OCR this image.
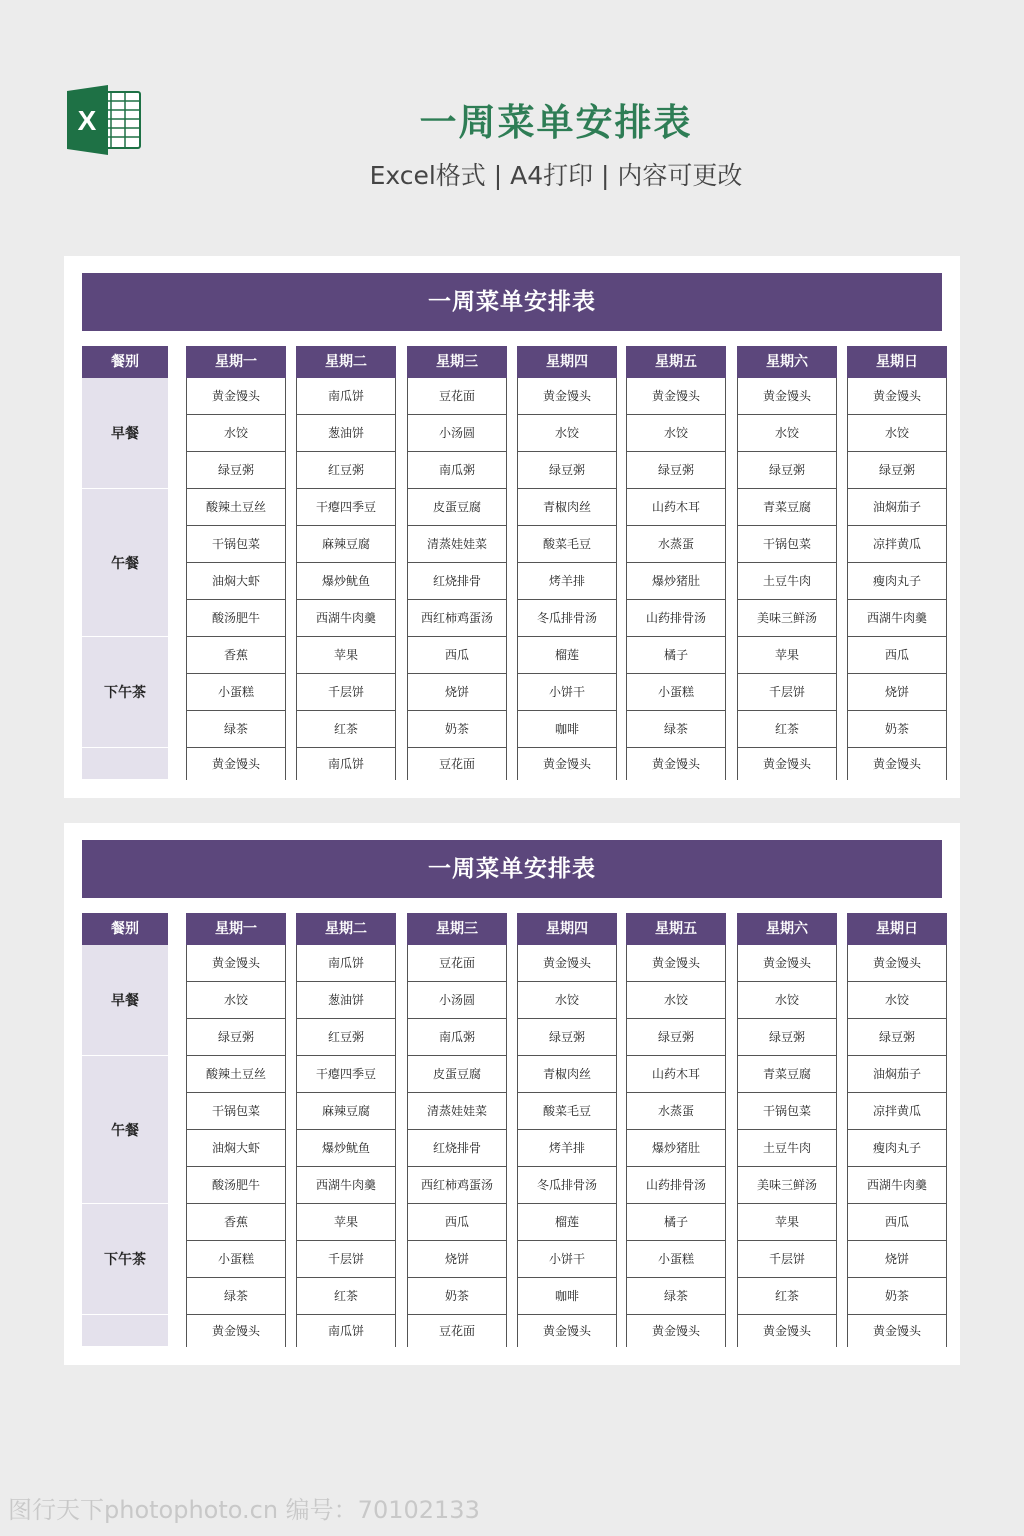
X	一周菜单安排表
Excel格式 | A4打印 | 内容可更改
一周菜单安排表
餐别	星期一	星期二	星期三	星期四	星期五	星期六	星期日
早餐
黄金馒头	南瓜饼	豆花面	黄金馒头	黄金馒头	黄金馒头	黄金馒头
水饺	葱油饼	小汤圆	水饺	水饺	水饺	水饺
绿豆粥	红豆粥	南瓜粥	绿豆粥	绿豆粥	绿豆粥	绿豆粥
午餐
酸辣土豆丝	干瘪四季豆	皮蛋豆腐	青椒肉丝	山药木耳	青菜豆腐	油焖茄子
干锅包菜	麻辣豆腐	清蒸娃娃菜	酸菜毛豆	水蒸蛋	干锅包菜	凉拌黄瓜
油焖大虾	爆炒鱿鱼	红烧排骨	烤羊排	爆炒猪肚	土豆牛肉	瘦肉丸子
酸汤肥牛	西湖牛肉羹	西红柿鸡蛋汤	冬瓜排骨汤	山药排骨汤	美味三鲜汤	西湖牛肉羹
下午茶
香蕉	苹果	西瓜	榴莲	橘子	苹果	西瓜
小蛋糕	千层饼	烧饼	小饼干	小蛋糕	千层饼	烧饼
绿茶	红茶	奶茶	咖啡	绿茶	红茶	奶茶
黄金馒头	南瓜饼	豆花面	黄金馒头	黄金馒头	黄金馒头	黄金馒头
一周菜单安排表
餐别	星期一	星期二	星期三	星期四	星期五	星期六	星期日
早餐
黄金馒头	南瓜饼	豆花面	黄金馒头	黄金馒头	黄金馒头	黄金馒头
水饺	葱油饼	小汤圆	水饺	水饺	水饺	水饺
绿豆粥	红豆粥	南瓜粥	绿豆粥	绿豆粥	绿豆粥	绿豆粥
午餐
酸辣土豆丝	干瘪四季豆	皮蛋豆腐	青椒肉丝	山药木耳	青菜豆腐	油焖茄子
干锅包菜	麻辣豆腐	清蒸娃娃菜	酸菜毛豆	水蒸蛋	干锅包菜	凉拌黄瓜
油焖大虾	爆炒鱿鱼	红烧排骨	烤羊排	爆炒猪肚	土豆牛肉	瘦肉丸子
酸汤肥牛	西湖牛肉羹	西红柿鸡蛋汤	冬瓜排骨汤	山药排骨汤	美味三鲜汤	西湖牛肉羹
下午茶
香蕉	苹果	西瓜	榴莲	橘子	苹果	西瓜
小蛋糕	千层饼	烧饼	小饼干	小蛋糕	千层饼	烧饼
绿茶	红茶	奶茶	咖啡	绿茶	红茶	奶茶
黄金馒头	南瓜饼	豆花面	黄金馒头	黄金馒头	黄金馒头	黄金馒头
图行天下photophoto.cn 编号：70102133
